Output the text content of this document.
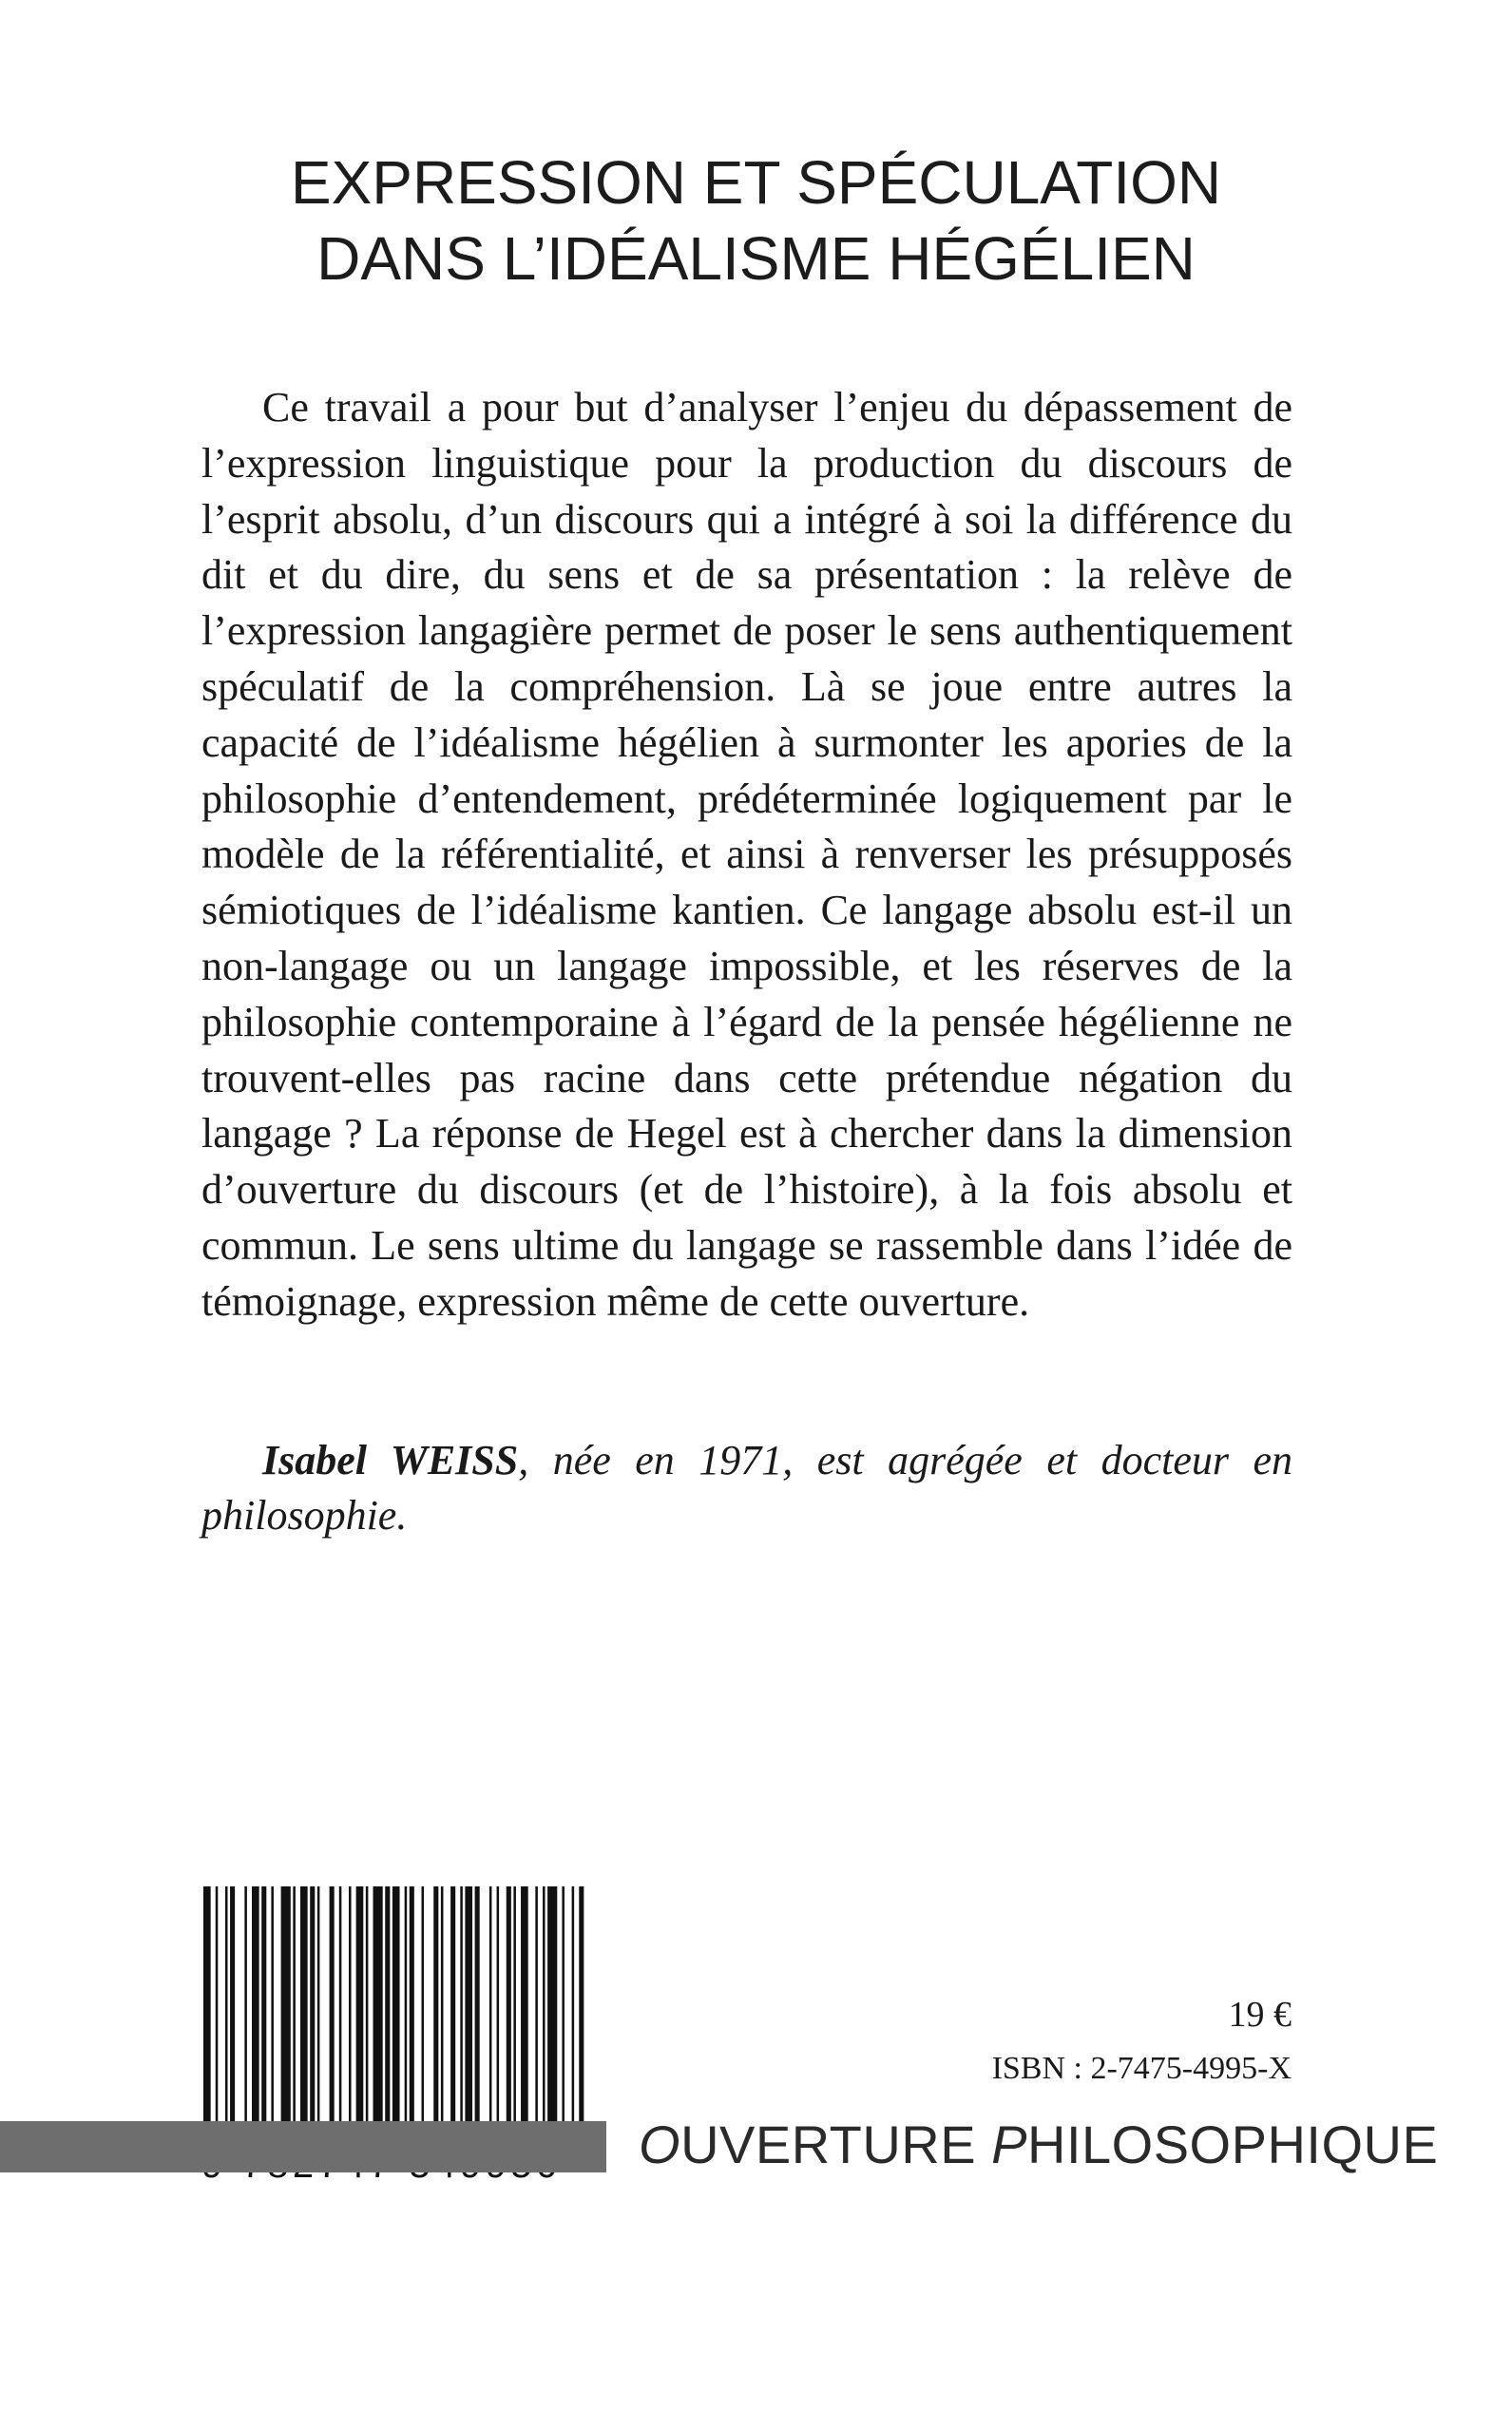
EXPRESSION ET SPÉCULATION
DANS L’IDÉALISME HÉGÉLIEN

Ce travail a pour but d’analyser l’enjeu du dépassement de l’expression linguistique pour la production du discours de l’esprit absolu, d’un discours qui a intégré à soi la différence du dit et du dire, du sens et de sa présentation : la relève de l’expression langagière permet de poser le sens authentiquement spéculatif de la compréhension. Là se joue entre autres la capacité de l’idéalisme hégélien à surmonter les apories de la philosophie d’entendement, prédéterminée logiquement par le modèle de la référentialité, et ainsi à renverser les présupposés sémiotiques de l’idéalisme kantien. Ce langage absolu est-il un non-langage ou un langage impossible, et les réserves de la philosophie contemporaine à l’égard de la pensée hégélienne ne trouvent-elles pas racine dans cette prétendue négation du langage ? La réponse de Hegel est à chercher dans la dimension d’ouverture du discours (et de l’histoire), à la fois absolu et commun. Le sens ultime du langage se rassemble dans l’idée de témoignage, expression même de cette ouverture.

Isabel WEISS, née en 1971, est agrégée et docteur en philosophie.

19 €
ISBN : 2-7475-4995-X
OUVERTURE PHILOSOPHIQUE
